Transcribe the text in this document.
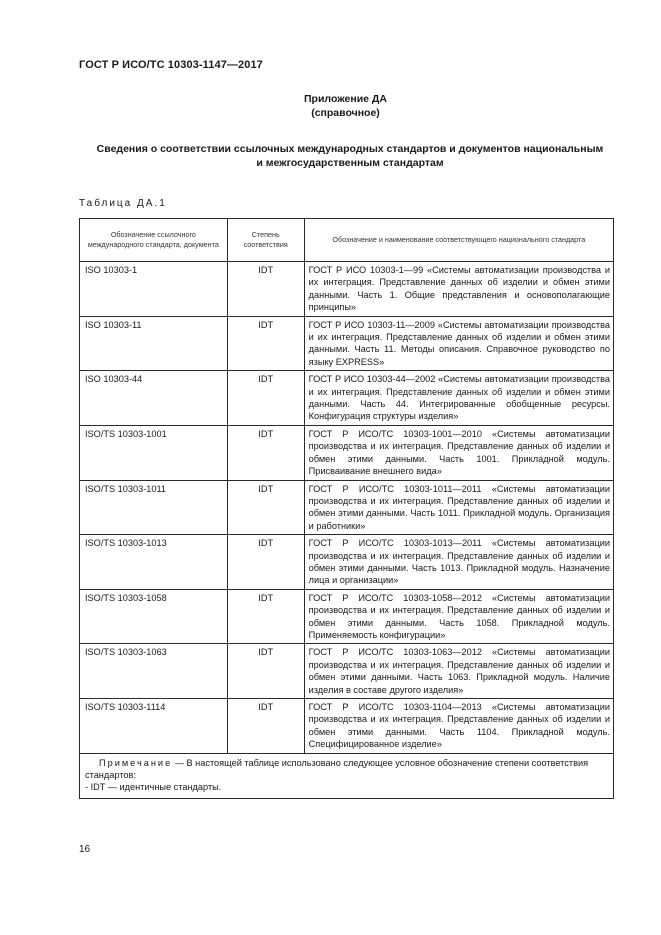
ГОСТ Р ИСО/ТС 10303-1147—2017
Приложение ДА
(справочное)
Сведения о соответствии ссылочных международных стандартов и документов национальным
и межгосударственным стандартам
Таблица ДА.1
Обозначение ссылочного международного стандарта, документа	Степень соответствия	Обозначение и наименование соответствующего национального стандарта
ISO 10303-1	IDT	ГОСТ Р ИСО 10303-1—99 «Системы автоматизации производства и их интеграция. Представление данных об изделии и обмен этими данными. Часть 1. Общие представления и основополагающие принципы»
ISO 10303-11	IDT	ГОСТ Р ИСО 10303-11—2009 «Системы автоматизации производства и их интеграция. Представление данных об изделии и обмен этими данными. Часть 11. Методы описания. Справочное руководство по языку EXPRESS»
ISO 10303-44	IDT	ГОСТ Р ИСО 10303-44—2002 «Системы автоматизации производства и их интеграция. Представление данных об изделии и обмен этими данными. Часть 44. Интегрированные обобщенные ресурсы. Конфигурация структуры изделия»
ISO/TS 10303-1001	IDT	ГОСТ Р ИСО/ТС 10303-1001—2010 «Системы автоматизации производства и их интеграция. Представление данных об изделии и обмен этими данными. Часть 1001. Прикладной модуль. Присваивание внешнего вида»
ISO/TS 10303-1011	IDT	ГОСТ Р ИСО/ТС 10303-1011—2011 «Системы автоматизации производства и их интеграция. Представление данных об изделии и обмен этими данными. Часть 1011. Прикладной модуль. Организация и работники»
ISO/TS 10303-1013	IDT	ГОСТ Р ИСО/ТС 10303-1013—2011 «Системы автоматизации производства и их интеграция. Представление данных об изделии и обмен этими данными. Часть 1013. Прикладной модуль. Назначение лица и организации»
ISO/TS 10303-1058	IDT	ГОСТ Р ИСО/ТС 10303-1058—2012 «Системы автоматизации производства и их интеграция. Представление данных об изделии и обмен этими данными. Часть 1058. Прикладной модуль. Применяемость конфигурации»
ISO/TS 10303-1063	IDT	ГОСТ Р ИСО/ТС 10303-1063—2012 «Системы автоматизации производства и их интеграция. Представление данных об изделии и обмен этими данными. Часть 1063. Прикладной модуль. Наличие изделия в составе другого изделия»
ISO/TS 10303-1114	IDT	ГОСТ Р ИСО/ТС 10303-1104—2013 «Системы автоматизации производства и их интеграция. Представление данных об изделии и обмен этими данными. Часть 1104. Прикладной модуль. Специфицированное изделие»

Примечание — В настоящей таблице использовано следующее условное обозначение степени соответствия стандартов:
- IDT — идентичные стандарты.		
16
